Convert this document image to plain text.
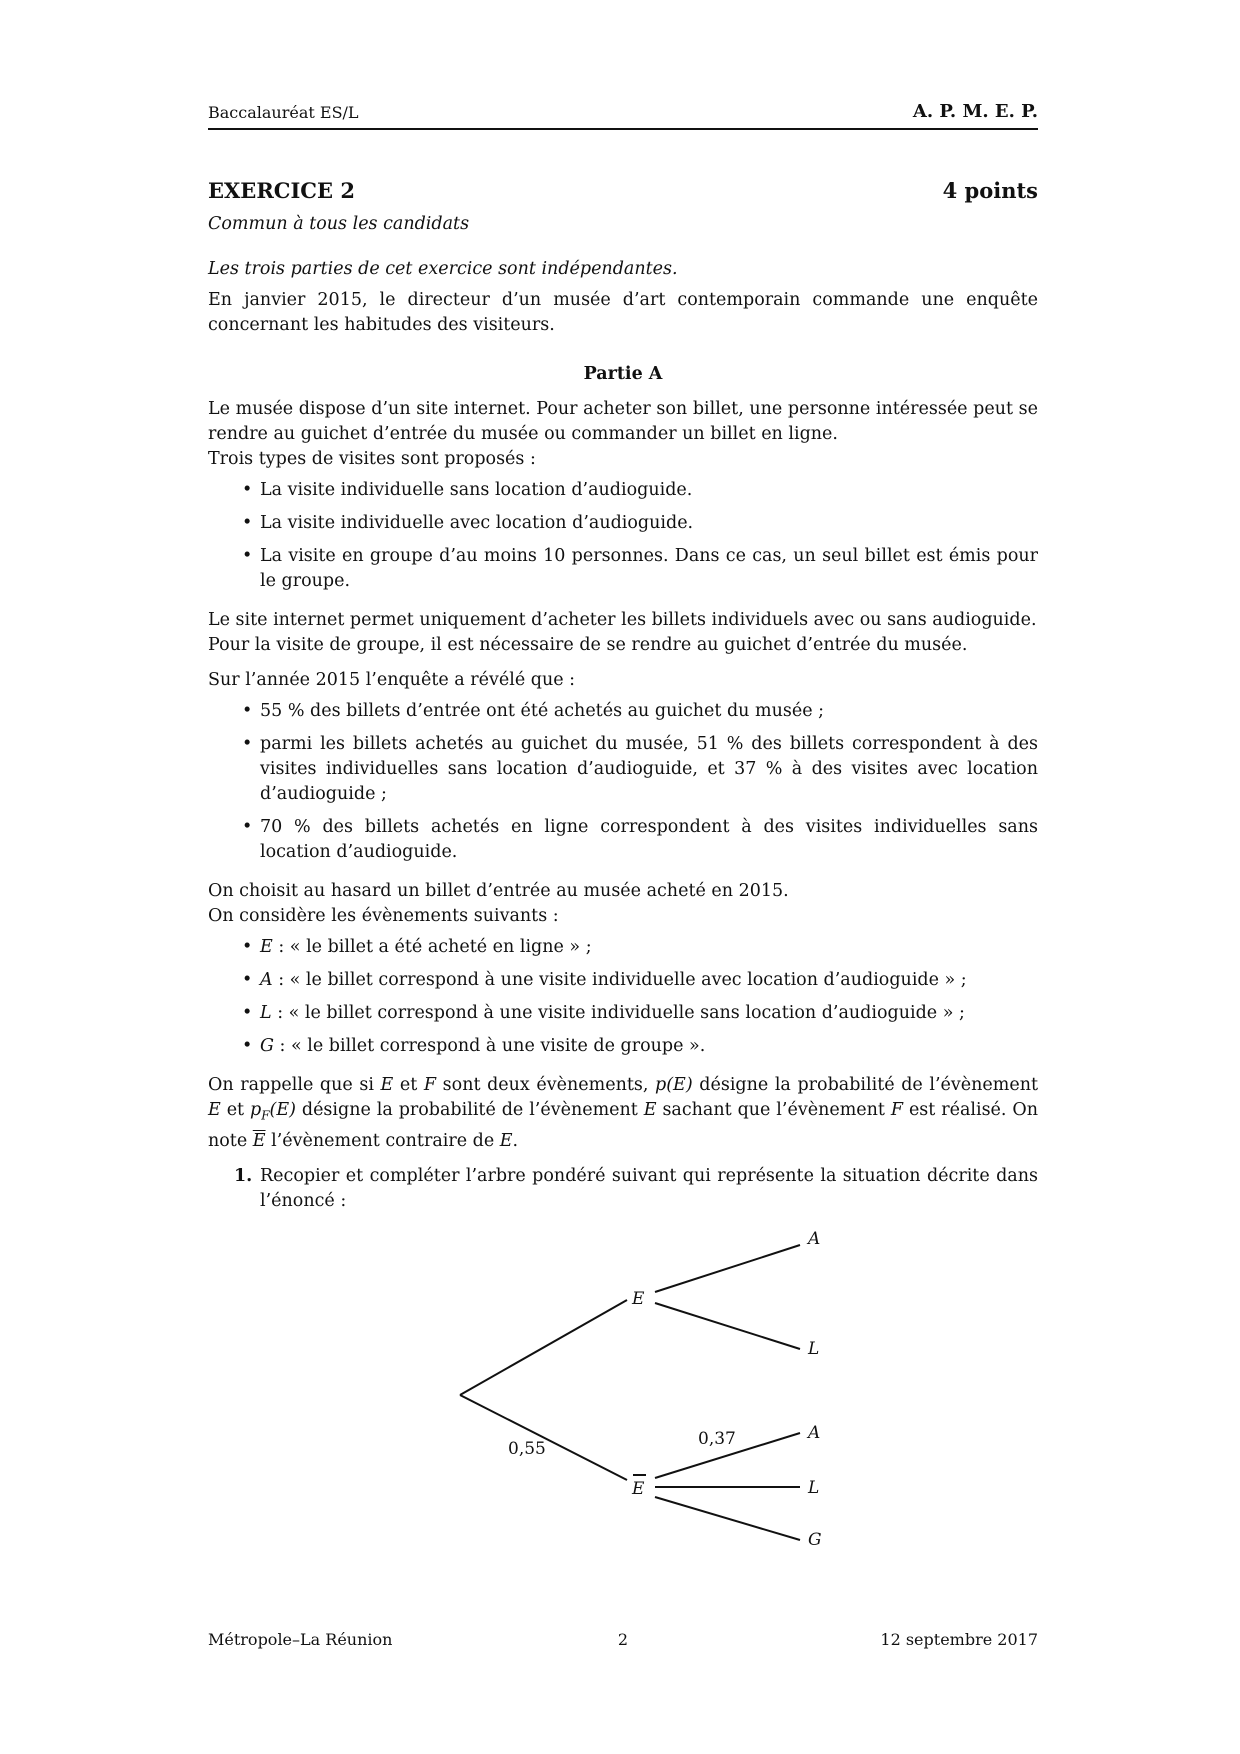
Baccalauréat ES/L	A. P. M. E. P.
EXERCICE 2	4 points

Commun à tous les candidats

Les trois parties de cet exercice sont indépendantes.

En janvier 2015, le directeur d’un musée d’art contemporain commande une enquête concernant les habitudes des visiteurs.

Partie A

Le musée dispose d’un site internet. Pour acheter son billet, une personne intéressée peut se rendre au guichet d’entrée du musée ou commander un billet en ligne.

Trois types de visites sont proposés :

• La visite individuelle sans location d’audioguide.
• La visite individuelle avec location d’audioguide.
• La visite en groupe d’au moins 10 personnes. Dans ce cas, un seul billet est émis pour le groupe.

Le site internet permet uniquement d’acheter les billets individuels avec ou sans audioguide.

Pour la visite de groupe, il est nécessaire de se rendre au guichet d’entrée du musée.

Sur l’année 2015 l’enquête a révélé que :

• 55 % des billets d’entrée ont été achetés au guichet du musée ;
• parmi les billets achetés au guichet du musée, 51 % des billets correspondent à des visites individuelles sans location d’audioguide, et 37 % à des visites avec location d’audioguide ;
• 70 % des billets achetés en ligne correspondent à des visites individuelles sans location d’audioguide.

On choisit au hasard un billet d’entrée au musée acheté en 2015.

On considère les évènements suivants :

• E : « le billet a été acheté en ligne » ;
• A : « le billet correspond à une visite individuelle avec location d’audioguide » ;
• L : « le billet correspond à une visite individuelle sans location d’audioguide » ;
• G : « le billet correspond à une visite de groupe ».

On rappelle que si E et F sont deux évènements, p(E) désigne la probabilité de l’évènement E et $p_F(E)$ désigne la probabilité de l’évènement E sachant que l’évènement F est réalisé. On note $\overline{E}$ l’évènement contraire de E.

1. Recopier et compléter l’arbre pondéré suivant qui représente la situation décrite dans l’énoncé :

E
E
A
L
A
L
G
0,55	0,37
Métropole–La Réunion	2	12 septembre 2017
